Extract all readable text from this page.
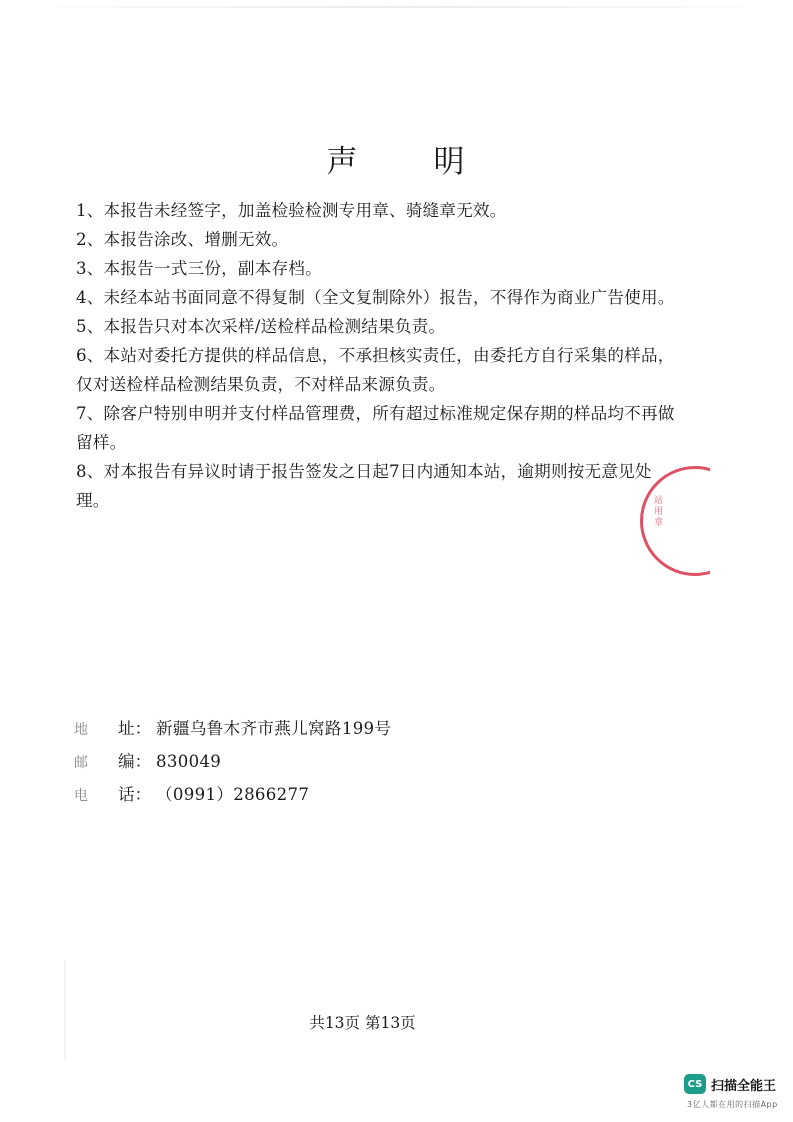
声 明

1、本报告未经签字，加盖检验检测专用章、骑缝章无效。

2、本报告涂改、增删无效。

3、本报告一式三份，副本存档。

4、未经本站书面同意不得复制（全文复制除外）报告，不得作为商业广告使用。

5、本报告只对本次采样/送检样品检测结果负责。

6、本站对委托方提供的样品信息，不承担核实责任，由委托方自行采集的样品，仅对送检样品检测结果负责，不对样品来源负责。

7、除客户特别申明并支付样品管理费，所有超过标准规定保存期的样品均不再做留样。

8、对本报告有异议时请于报告签发之日起7日内通知本站，逾期则按无意见处理。	站 用 章
地	址： 新疆乌鲁木齐市燕儿窝路199号
邮	编： 830049
电	话： （0991）2866277
共13页 第13页
CS 扫描全能王
3亿人都在用的扫描App
